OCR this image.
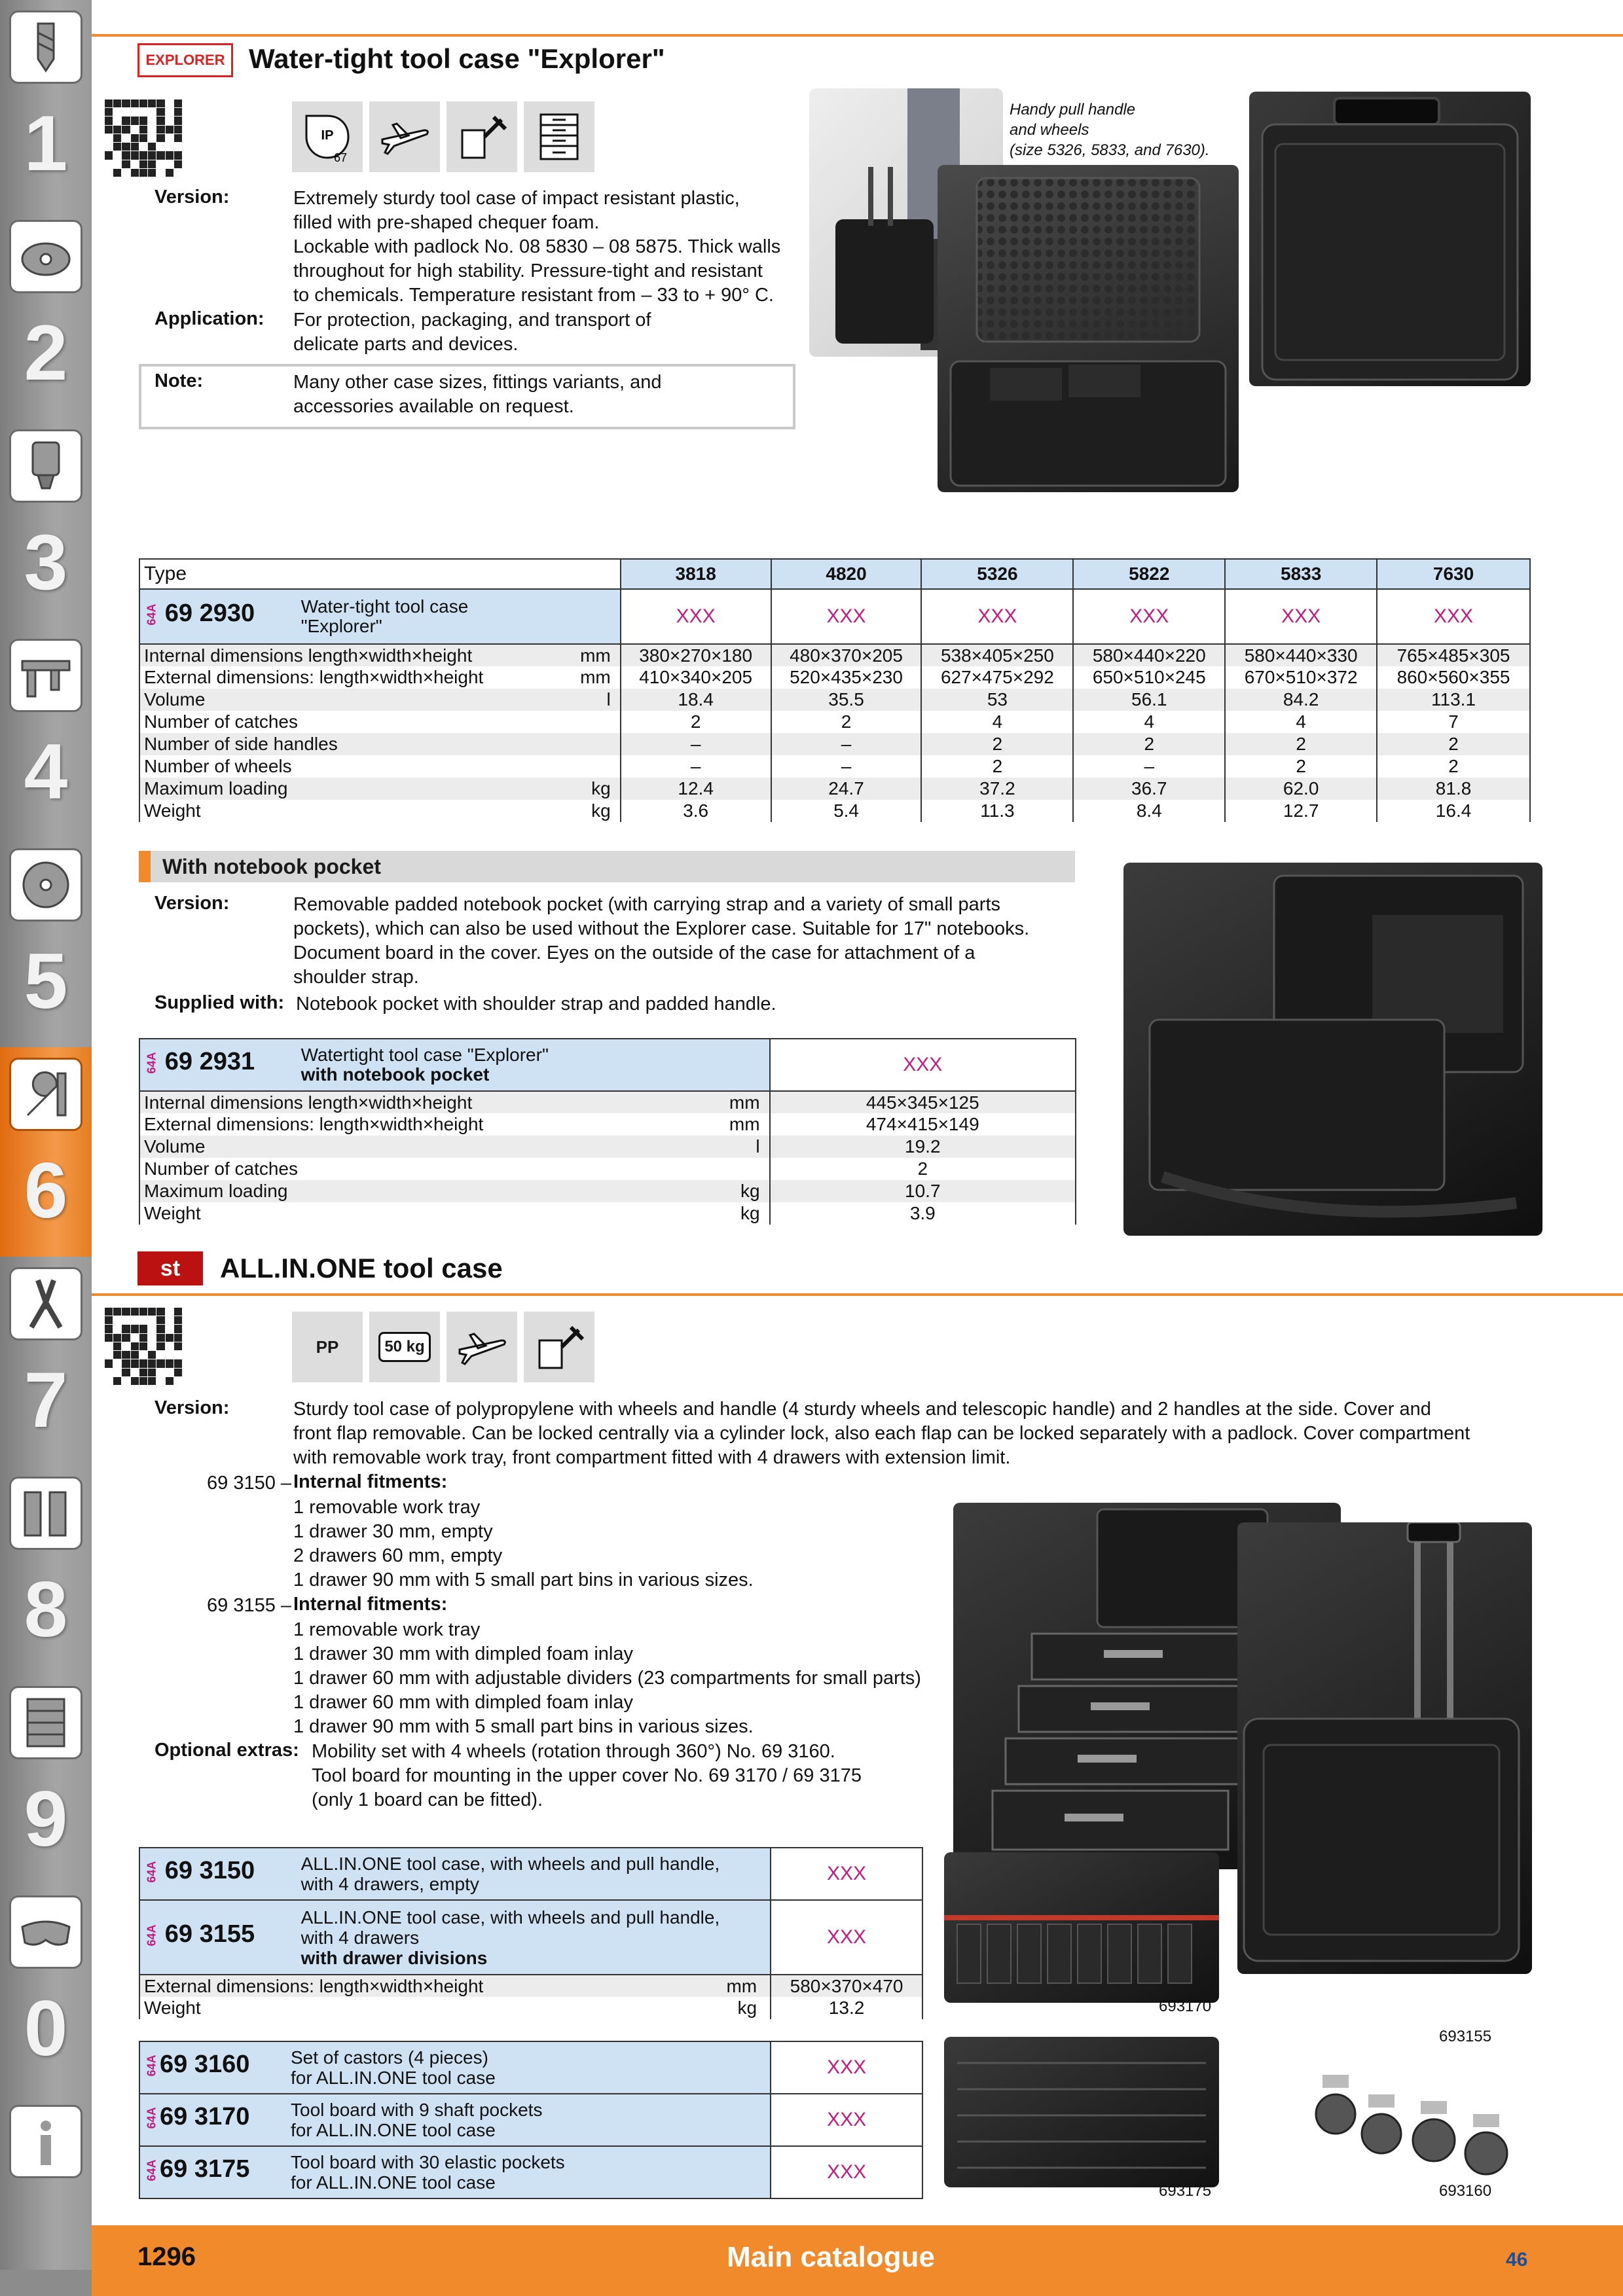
1
2
3
4
5
6
7
8
9
0
EXPLORER Water-tight tool case "Explorer"
IP
67
Version:	Extremely sturdy tool case of impact resistant plastic,
filled with pre-shaped chequer foam.
Lockable with padlock No. 08 5830 – 08 5875. Thick walls
throughout for high stability. Pressure-tight and resistant
to chemicals. Temperature resistant from – 33 to + 90° C.
Application: For protection, packaging, and transport of
delicate parts and devices.
Note:	Many other case sizes, fittings variants, and
accessories available on request.
Handy pull handle
and wheels
(size 5326, 5833, and 7630).
Type	3818	4820	5326	5822	5833	7630
64A 69 2930 Water-tight tool case
"Explorer"	XXX	XXX	XXX	XXX	XXX	XXX
Internal dimensions length×width×height mm	380×270×180	480×370×205	538×405×250	580×440×220	580×440×330	765×485×305
External dimensions: length×width×height mm	410×340×205	520×435×230	627×475×292	650×510×245	670×510×372	860×560×355
Volume l	18.4	35.5	53	56.1	84.2	113.1
Number of catches	2	2	4	4	4	7
Number of side handles	–	–	2	2	2	2
Number of wheels	–	–	2	–	2	2
Maximum loading kg	12.4	24.7	37.2	36.7	62.0	81.8
Weight kg	3.6	5.4	11.3	8.4	12.7	16.4
With notebook pocket
Version:	Removable padded notebook pocket (with carrying strap and a variety of small parts
pockets), which can also be used without the Explorer case. Suitable for 17" notebooks.
Document board in the cover. Eyes on the outside of the case for attachment of a
shoulder strap.
Supplied with: Notebook pocket with shoulder strap and padded handle.
64A 69 2931 Watertight tool case "Explorer"
with notebook pocket	XXX
Internal dimensions length×width×height mm	445×345×125
External dimensions: length×width×height mm	474×415×149
Volume l	19.2
Number of catches	2
Maximum loading kg	10.7
Weight kg	3.9
st ALL.IN.ONE tool case
PP	50 kg
Version:	Sturdy tool case of polypropylene with wheels and handle (4 sturdy wheels and telescopic handle) and 2 handles at the side. Cover and
front flap removable. Can be locked centrally via a cylinder lock, also each flap can be locked separately with a padlock. Cover compartment
with removable work tray, front compartment fitted with 4 drawers with extension limit.
69 3150 – Internal fitments:
1 removable work tray
1 drawer 30 mm, empty
2 drawers 60 mm, empty
1 drawer 90 mm with 5 small part bins in various sizes.
69 3155 – Internal fitments:
1 removable work tray
1 drawer 30 mm with dimpled foam inlay
1 drawer 60 mm with adjustable dividers (23 compartments for small parts)
1 drawer 60 mm with dimpled foam inlay
1 drawer 90 mm with 5 small part bins in various sizes.
Optional extras: Mobility set with 4 wheels (rotation through 360°) No. 69 3160.
Tool board for mounting in the upper cover No. 69 3170 / 69 3175
(only 1 board can be fitted).
693155
693170
693175	693160
64A 69 3150 ALL.IN.ONE tool case, with wheels and pull handle,
with 4 drawers, empty	XXX
64A 69 3155 ALL.IN.ONE tool case, with wheels and pull handle,
with 4 drawers
with drawer divisions	XXX
External dimensions: length×width×height mm	580×370×470
Weight kg	13.2
64A69 3160 Set of castors (4 pieces)
for ALL.IN.ONE tool case	XXX
64A69 3170 Tool board with 9 shaft pockets
for ALL.IN.ONE tool case	XXX
64A69 3175 Tool board with 30 elastic pockets
for ALL.IN.ONE tool case	XXX
1296	Main catalogue	46
